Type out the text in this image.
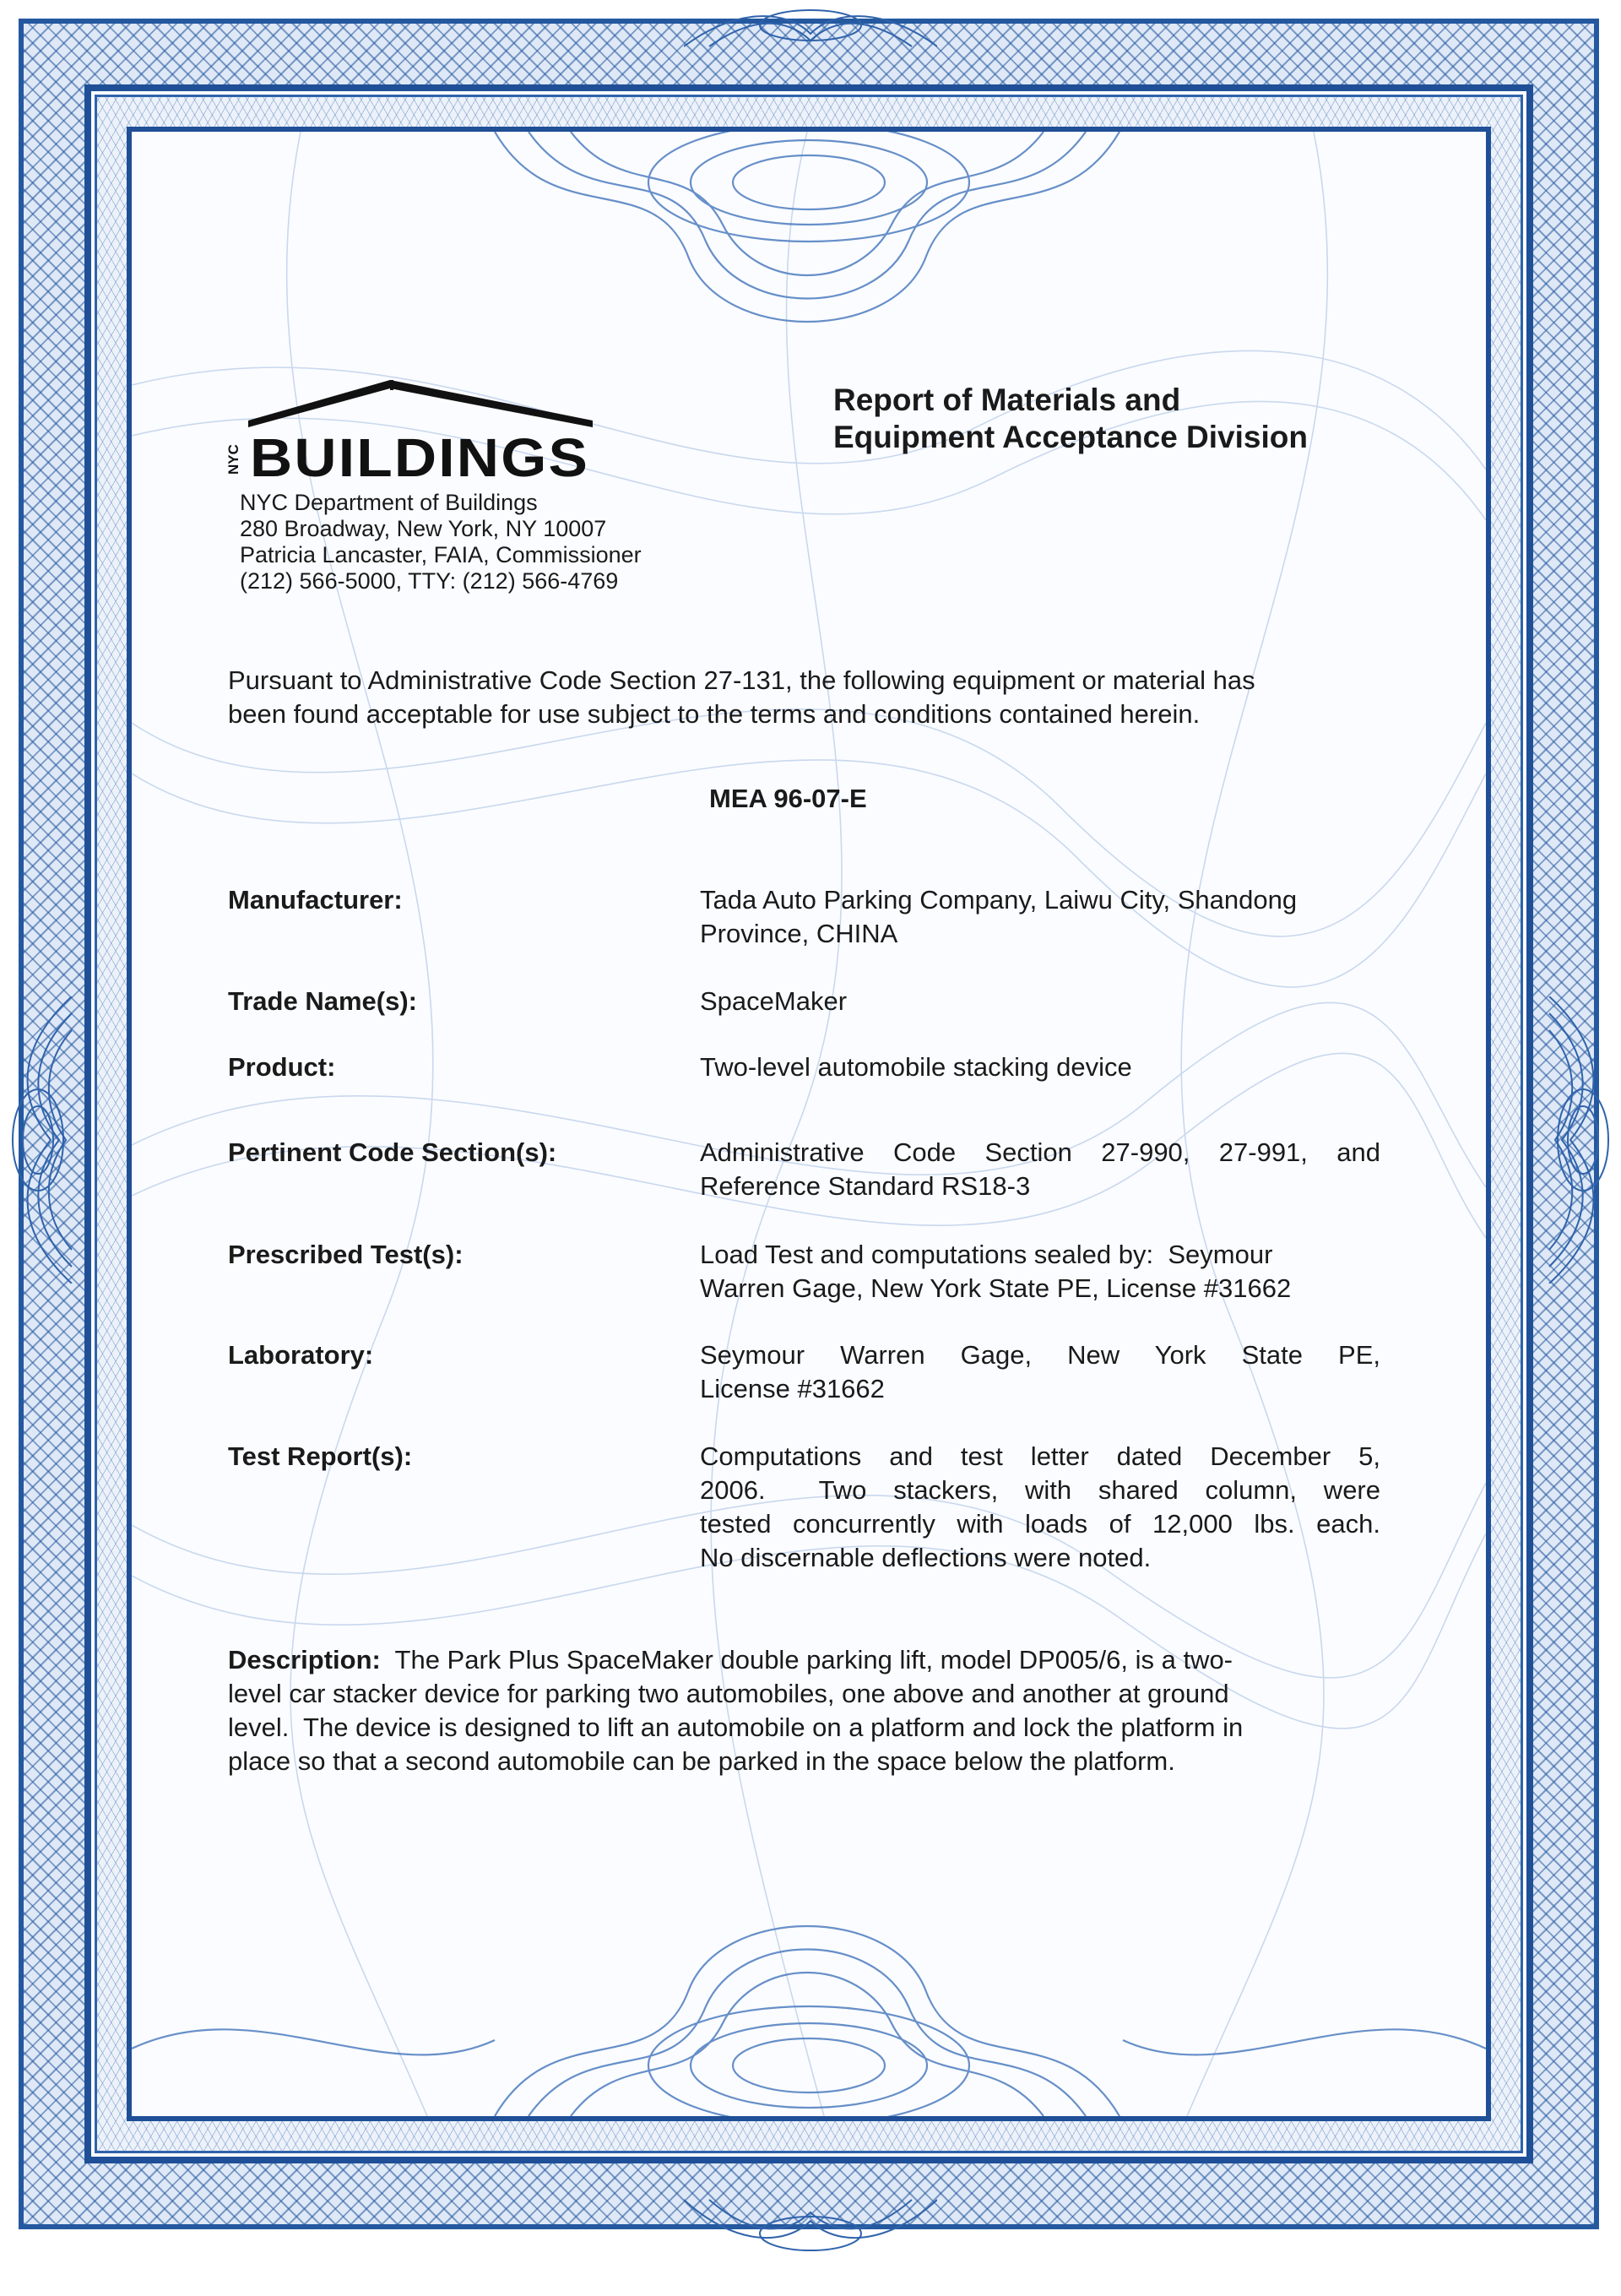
NYC BUILDINGS
NYC Department of Buildings
280 Broadway, New York, NY 10007
Patricia Lancaster, FAIA, Commissioner
(212) 566-5000, TTY: (212) 566-4769
Report of Materials and
Equipment Acceptance Division
Pursuant to Administrative Code Section 27-131, the following equipment or material has
been found acceptable for use subject to the terms and conditions contained herein.
MEA 96-07-E
Manufacturer:	Tada Auto Parking Company, Laiwu City, Shandong
Province, CHINA
Trade Name(s):	SpaceMaker
Product:	Two-level automobile stacking device
Pertinent Code Section(s):	Administrative Code Section 27-990, 27-991, and
Reference Standard RS18-3
Prescribed Test(s):	Load Test and computations sealed by:  Seymour
Warren Gage, New York State PE, License #31662
Laboratory:	Seymour Warren Gage, New York State PE,
License #31662
Test Report(s):	Computations and test letter dated December 5,
2006.  Two stackers, with shared column, were
tested concurrently with loads of 12,000 lbs. each.
No discernable deflections were noted.
Description:  The Park Plus SpaceMaker double parking lift, model DP005/6, is a two-
level car stacker device for parking two automobiles, one above and another at ground
level.  The device is designed to lift an automobile on a platform and lock the platform in
place so that a second automobile can be parked in the space below the platform.
